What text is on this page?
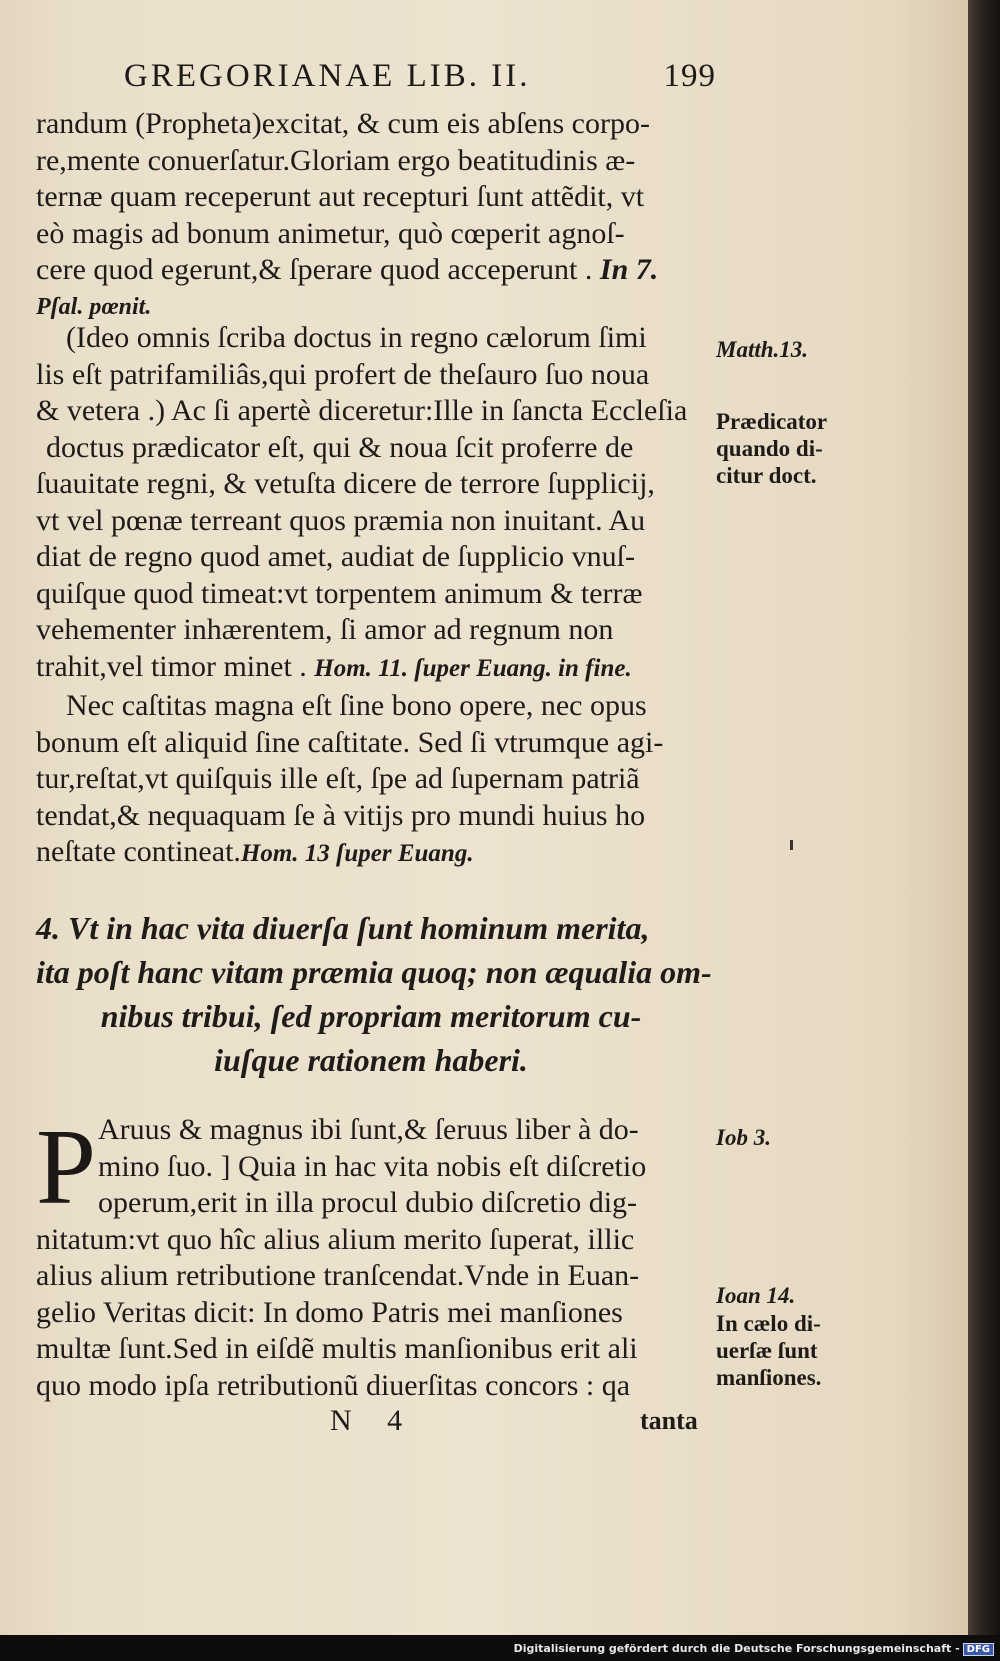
GREGORIANAE LIB. II.	199
randum (Propheta)excitat, & cum eis abſens corpo-
re,mente conuerſatur.Gloriam ergo beatitudinis æ-
ternæ quam receperunt aut recepturi ſunt attẽdit, vt
eò magis ad bonum animetur, quò cœperit agnoſ-
cere quod egerunt,& ſperare quod acceperunt . In 7.
Pſal. pœnit.
(Ideo omnis ſcriba doctus in regno cælorum ſimi
lis eſt patrifamiliâs,qui profert de theſauro ſuo noua
& vetera .) Ac ſi apertè diceretur:Ille in ſancta Eccleſia
doctus prædicator eſt, qui & noua ſcit proferre de
ſuauitate regni, & vetuſta dicere de terrore ſupplicij,
vt vel pœnæ terreant quos præmia non inuitant. Au
diat de regno quod amet, audiat de ſupplicio vnuſ-
quiſque quod timeat:vt torpentem animum & terræ
vehementer inhærentem, ſi amor ad regnum non
trahit,vel timor minet . Hom. 11. ſuper Euang. in fine.
Nec caſtitas magna eſt ſine bono opere, nec opus
bonum eſt aliquid ſine caſtitate. Sed ſi vtrumque agi-
tur,reſtat,vt quiſquis ille eſt, ſpe ad ſupernam patriã
tendat,& nequaquam ſe à vitijs pro mundi huius ho
neſtate contineat.Hom. 13 ſuper Euang.
4. Vt in hac vita diuerſa ſunt hominum merita,
ita poſt hanc vitam præmia quoq; non æqualia om-
nibus tribui, ſed propriam meritorum cu-
iuſque rationem haberi.
P Aruus & magnus ibi ſunt,& ſeruus liber à do-
mino ſuo. ] Quia in hac vita nobis eſt diſcretio
operum,erit in illa procul dubio diſcretio dig-
nitatum:vt quo hîc alius alium merito ſuperat, illic
alius alium retributione tranſcendat.Vnde in Euan-
gelio Veritas dicit: In domo Patris mei manſiones
multæ ſunt.Sed in eiſdẽ multis manſionibus erit ali
quo modo ipſa retributionũ diuerſitas concors : qa
Matth.13.
Prædicator
quando di-
citur doct.
Iob 3.
Ioan 14.
In cælo di-
uerſæ ſunt
manſiones.
N 4	tanta
Digitalisierung gefördert durch die Deutsche Forschungsgemeinschaft - DFG
